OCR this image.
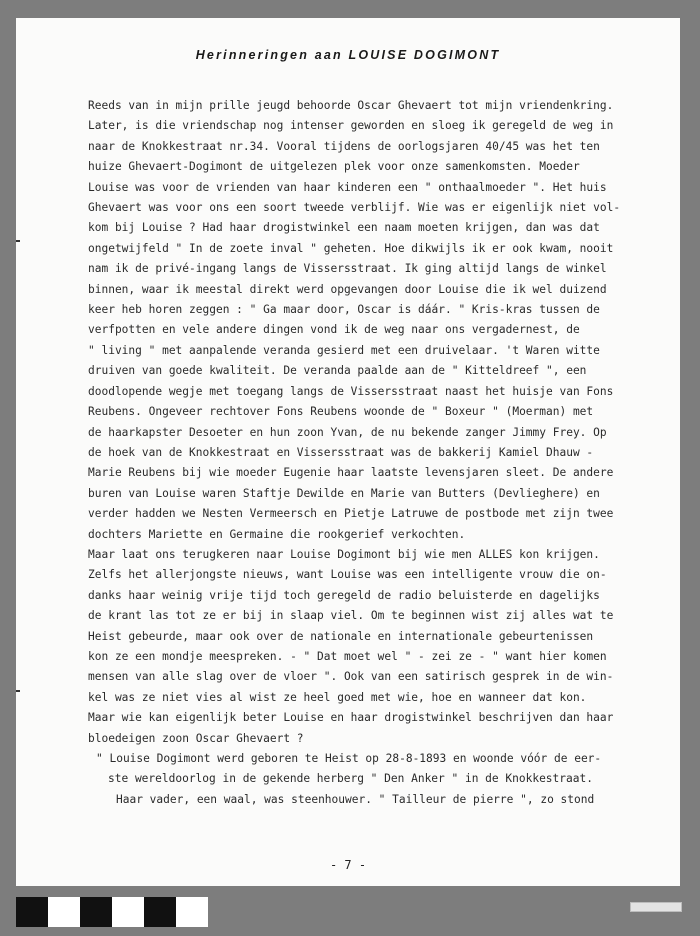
Herinneringen aan LOUISE DOGIMONT
Reeds van in mijn prille jeugd behoorde Oscar Ghevaert tot mijn vriendenkring.
Later, is die vriendschap nog intenser geworden en sloeg ik geregeld de weg in
naar de Knokkestraat nr.34. Vooral tijdens de oorlogsjaren 40/45 was het ten
huize Ghevaert-Dogimont de uitgelezen plek voor onze samenkomsten. Moeder
Louise was voor de vrienden van haar kinderen een " onthaalmoeder ". Het huis
Ghevaert was voor ons een soort tweede verblijf. Wie was er eigenlijk niet vol-
kom bij Louise ? Had haar drogistwinkel een naam moeten krijgen, dan was dat
ongetwijfeld " In de zoete inval " geheten. Hoe dikwijls ik er ook kwam, nooit
nam ik de privé-ingang langs de Vissersstraat. Ik ging altijd langs de winkel
binnen, waar ik meestal direkt werd opgevangen door Louise die ik wel duizend
keer heb horen zeggen : " Ga maar door, Oscar is dáár. " Kris-kras tussen de
verfpotten en vele andere dingen vond ik de weg naar ons vergadernest, de
" living " met aanpalende veranda gesierd met een druivelaar. 't Waren witte
druiven van goede kwaliteit. De veranda paalde aan de " Kitteldreef ", een
doodlopende wegje met toegang langs de Vissersstraat naast het huisje van Fons
Reubens. Ongeveer rechtover Fons Reubens woonde de " Boxeur " (Moerman) met
de haarkapster Desoeter en hun zoon Yvan, de nu bekende zanger Jimmy Frey. Op
de hoek van de Knokkestraat en Vissersstraat was de bakkerij Kamiel Dhauw -
Marie Reubens bij wie moeder Eugenie haar laatste levensjaren sleet. De andere
buren van Louise waren Staftje Dewilde en Marie van Butters (Devlieghere) en
verder hadden we Nesten Vermeersch en Pietje Latruwe de postbode met zijn twee
dochters Mariette en Germaine die rookgerief verkochten.
Maar laat ons terugkeren naar Louise Dogimont bij wie men ALLES kon krijgen.
Zelfs het allerjongste nieuws, want Louise was een intelligente vrouw die on-
danks haar weinig vrije tijd toch geregeld de radio beluisterde en dagelijks
de krant las tot ze er bij in slaap viel. Om te beginnen wist zij alles wat te
Heist gebeurde, maar ook over de nationale en internationale gebeurtenissen
kon ze een mondje meespreken. - " Dat moet wel " - zei ze - " want hier komen
mensen van alle slag over de vloer ". Ook van een satirisch gesprek in de win-
kel was ze niet vies al wist ze heel goed met wie, hoe en wanneer dat kon.
Maar wie kan eigenlijk beter Louise en haar drogistwinkel beschrijven dan haar
bloedeigen zoon Oscar Ghevaert ?
" Louise Dogimont werd geboren te Heist op 28-8-1893 en woonde vóór de eer-
ste wereldoorlog in de gekende herberg " Den Anker " in de Knokkestraat.
Haar vader, een waal, was steenhouwer. " Tailleur de pierre ", zo stond
- 7 -
